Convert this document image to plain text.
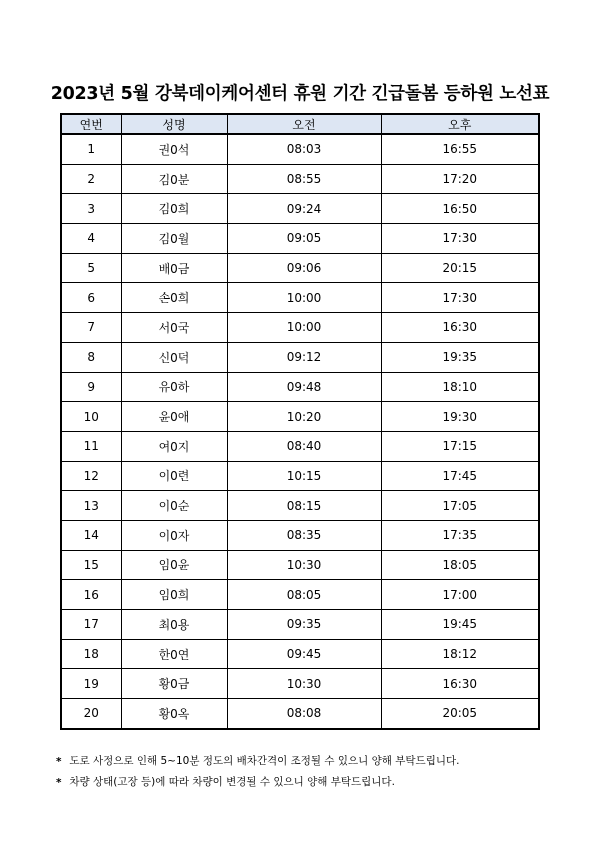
2023년 5월 강북데이케어센터 휴원 기간 긴급돌봄 등하원 노선표
연번	성명	오전	오후
1	권0석	08:03	16:55
2	김0분	08:55	17:20
3	김0희	09:24	16:50
4	김0월	09:05	17:30
5	배0금	09:06	20:15
6	손0희	10:00	17:30
7	서0국	10:00	16:30
8	신0덕	09:12	19:35
9	유0하	09:48	18:10
10	윤0애	10:20	19:30
11	여0지	08:40	17:15
12	이0련	10:15	17:45
13	이0순	08:15	17:05
14	이0자	08:35	17:35
15	임0윤	10:30	18:05
16	임0희	08:05	17:00
17	최0용	09:35	19:45
18	한0연	09:45	18:12
19	황0금	10:30	16:30
20	황0옥	08:08	20:05
* 도로 사정으로 인해 5~10분 정도의 배차간격이 조정될 수 있으니 양해 부탁드립니다.
* 차량 상태(고장 등)에 따라 차량이 변경될 수 있으니 양해 부탁드립니다.
